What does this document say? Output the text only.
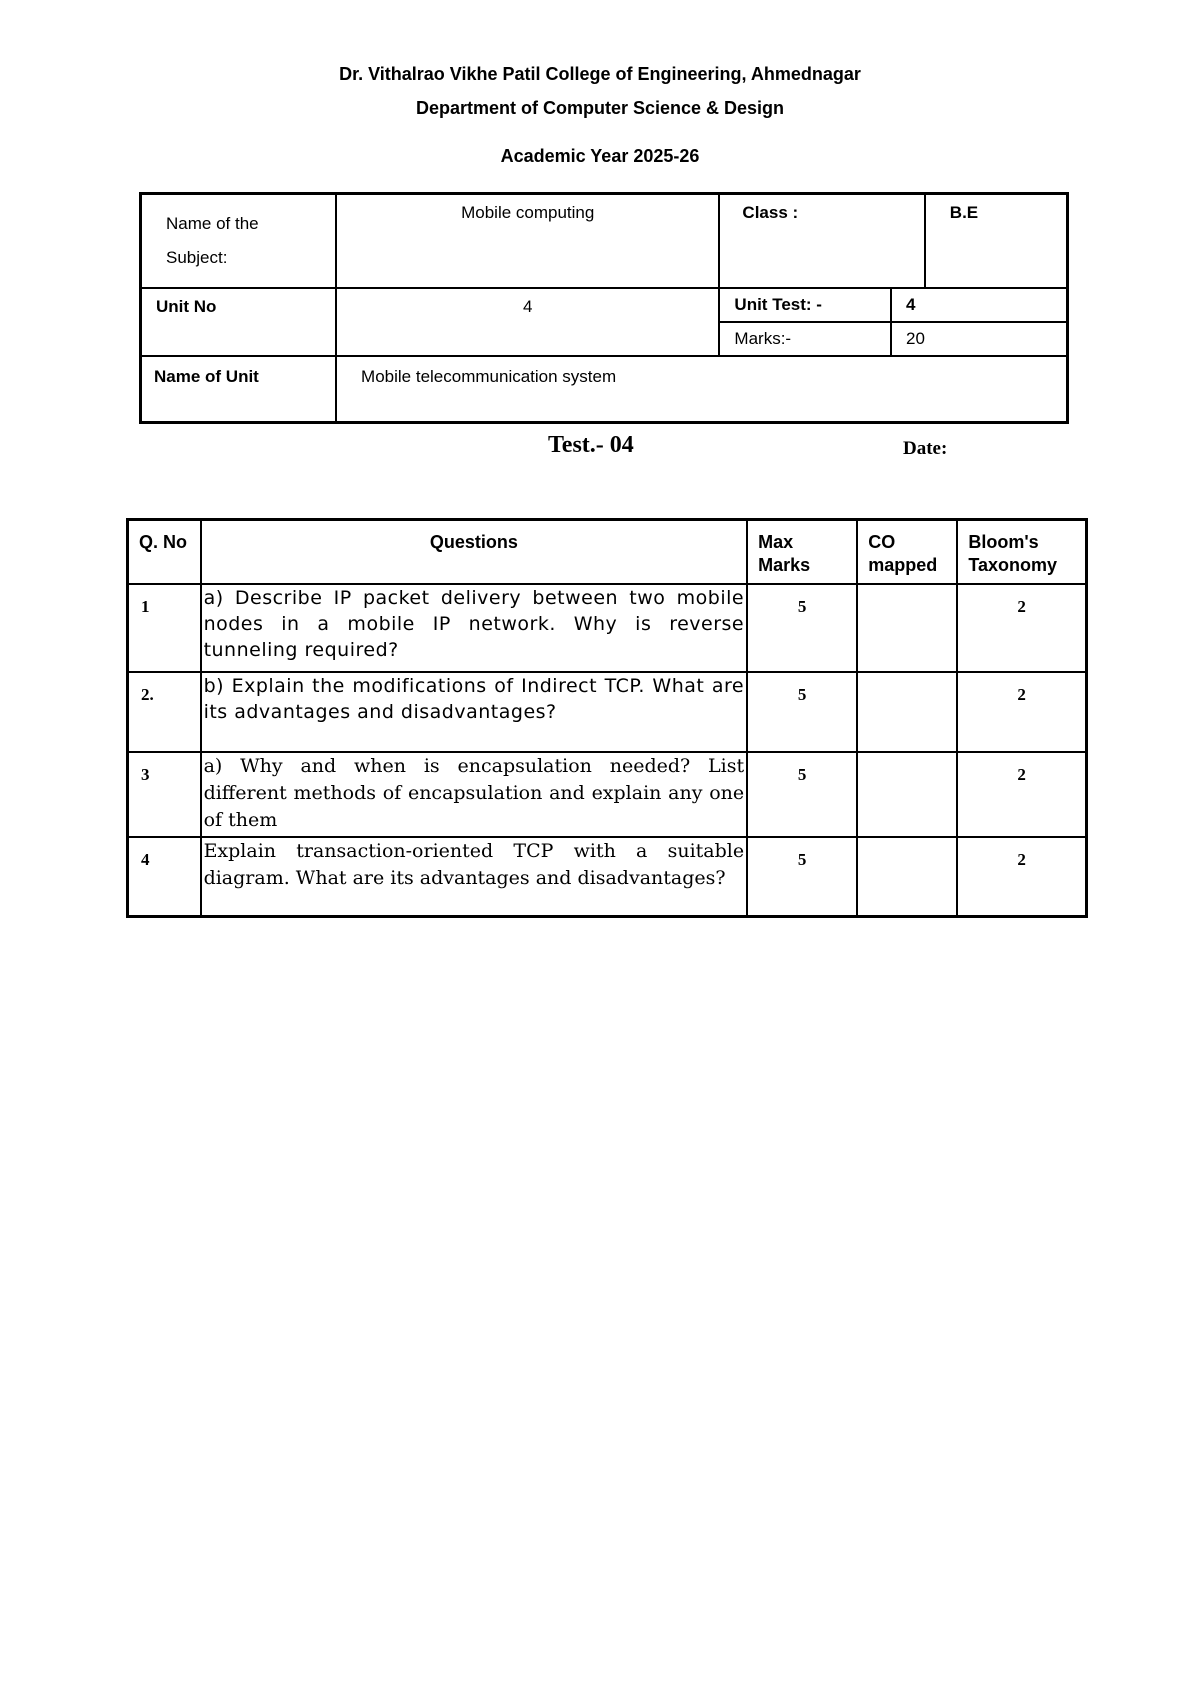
Dr. Vithalrao Vikhe Patil College of Engineering, Ahmednagar
Department of Computer Science & Design
Academic Year 2025-26
Name of the Subject:	Mobile computing	Class :		B.E

Unit No	4	Unit Test: -	4	

		Marks:-	20	

Name of Unit	Mobile telecommunication system			
Test.- 04	Date:
Q. No	Questions	Max Marks	CO mapped	Bloom's Taxonomy
1	a) Describe IP packet delivery between two mobile nodes in a mobile IP network. Why is reverse tunneling required?	5		2
2.	b) Explain the modifications of Indirect TCP. What are its advantages and disadvantages?	5		2
3	a) Why and when is encapsulation needed? List different methods of encapsulation and explain any one of them	5		2
4	Explain transaction-oriented TCP with a suitable diagram. What are its advantages and disadvantages?	5		2
